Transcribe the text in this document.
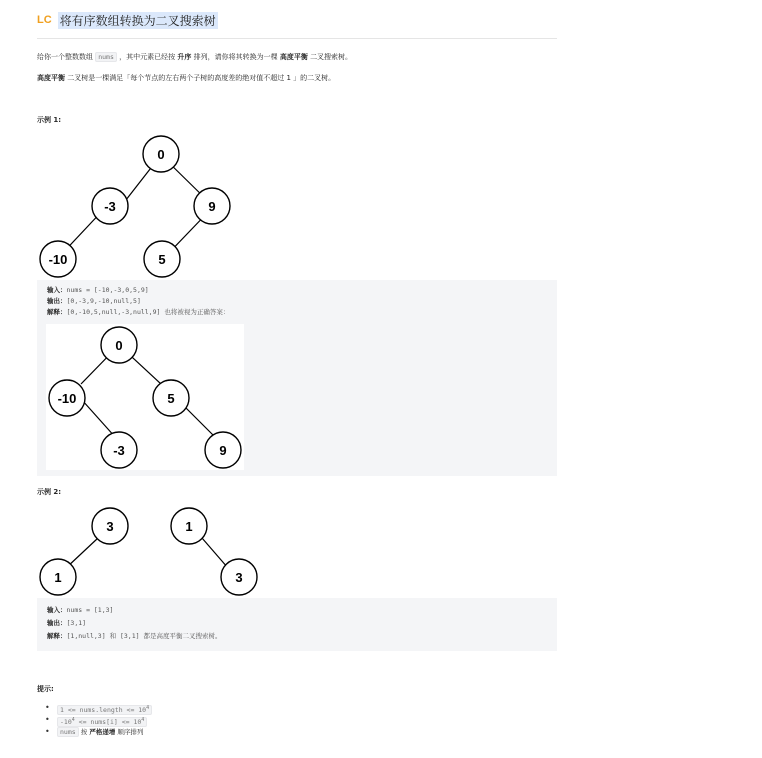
LC 将有序数组转换为二叉搜索树
给你一个整数数组 nums ，其中元素已经按 升序 排列，请你将其转换为一棵 高度平衡 二叉搜索树。
高度平衡 二叉树是一棵满足「每个节点的左右两个子树的高度差的绝对值不超过 1 」的二叉树。
示例 1:
0
-3	9
-10	5
输入：nums = [-10,-3,0,5,9]
输出：[0,-3,9,-10,null,5]
解释：[0,-10,5,null,-3,null,9] 也将被视为正确答案：
0
-10	5
-3	9
示例 2:
3
1
1
3
输入：nums = [1,3]
输出：[3,1]
解释：[1,null,3] 和 [3,1] 都是高度平衡二叉搜索树。
提示:
• 1 <= nums.length <= $10^4$
• $-10^4$ <= nums[i] <= $10^4$
• nums 按 严格递增 顺序排列
